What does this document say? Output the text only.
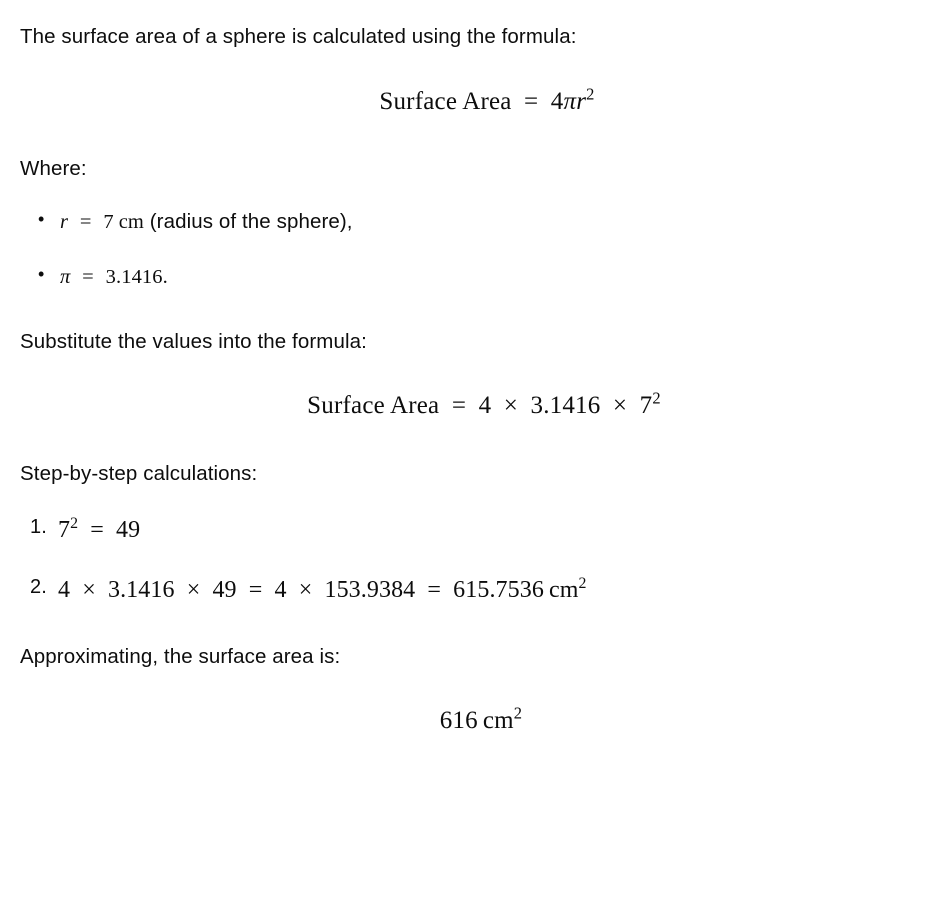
The surface area of a sphere is calculated using the formula:

Surface Area = $4\pi r^2$

Where:

• r = 7 cm (radius of the sphere),
• π = 3.1416.

Substitute the values into the formula:

Surface Area = $4 \times 3.1416 \times 7^2$

Step-by-step calculations:

$7^2 = 49$
4 × 3.1416 × 49 = 4 × 153.9384 = 615.7536 $cm^2$

Approximating, the surface area is:

616 $cm^2$
